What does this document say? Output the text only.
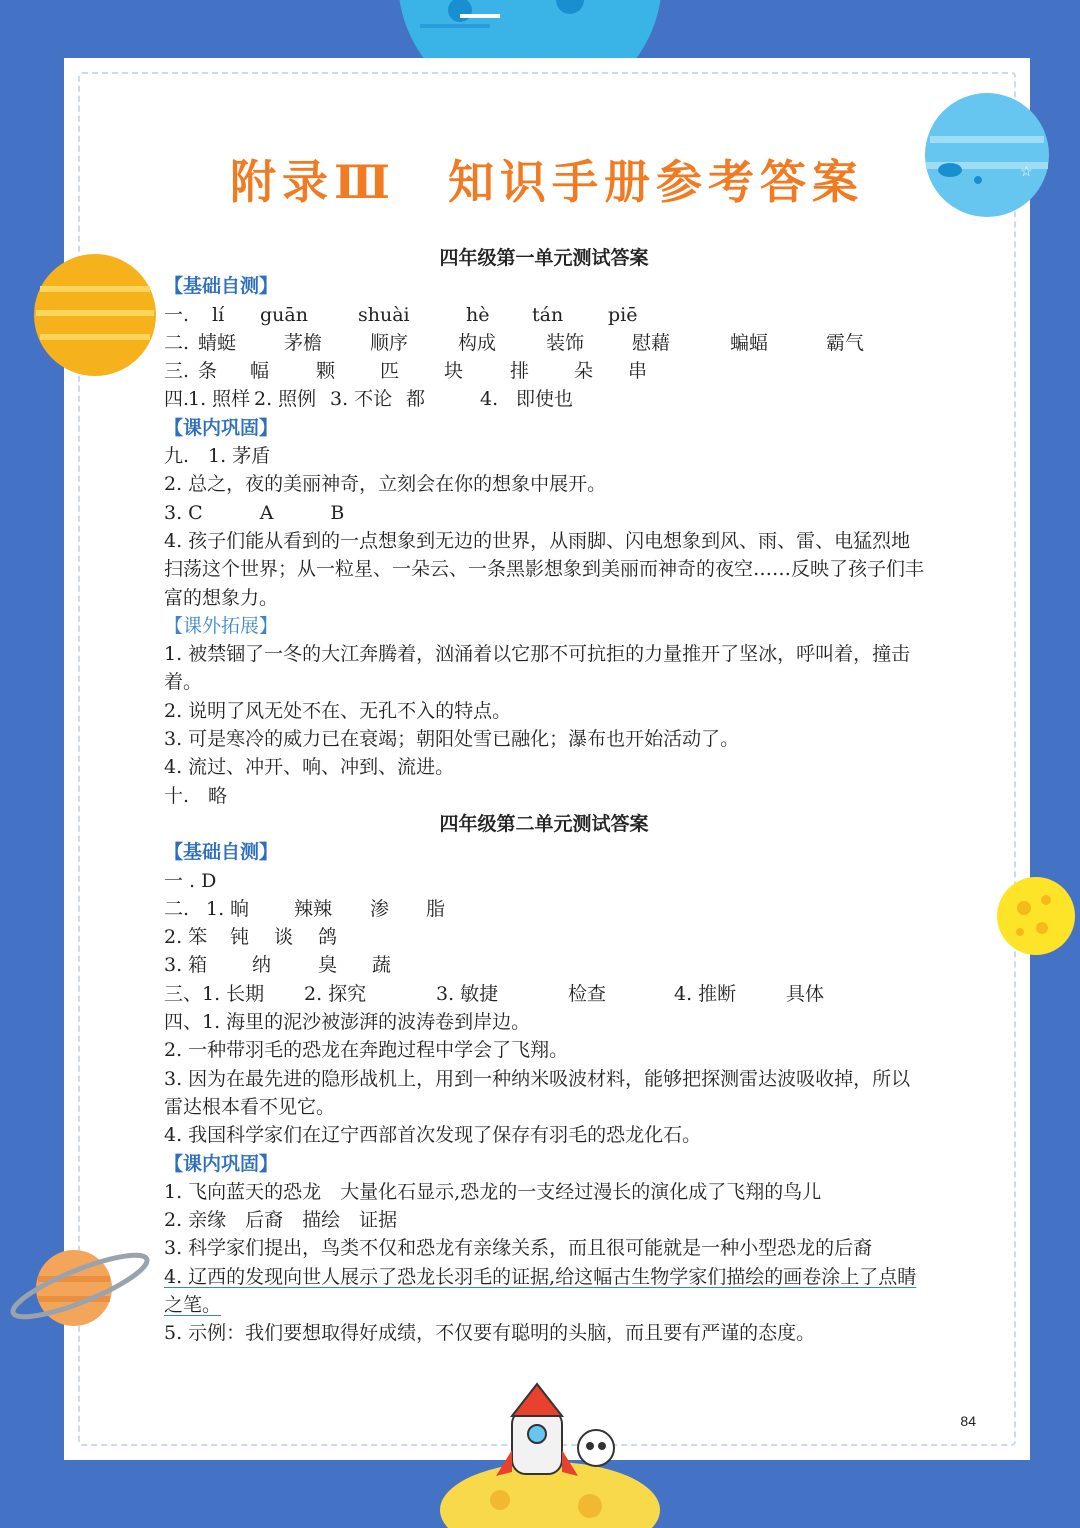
附录Ⅲ　知识手册参考答案
四年级第一单元测试答案
【基础自测】
一. lí guān	shuài	hè tán piē
二. 蜻蜓	茅檐	顺序	构成	装饰	慰藉	蝙蝠	霸气
三. 条 幅 颗 匹 块 排 朵 串
四.1. 照样 2. 照例 3. 不论 都	4. 即使也
【课内巩固】
九.　1. 茅盾
2. 总之，夜的美丽神奇，立刻会在你的想象中展开。
3. C　　　A　　　B
4. 孩子们能从看到的一点想象到无边的世界，从雨脚、闪电想象到风、雨、雷、电猛烈地扫荡这个世界；从一粒星、一朵云、一条黑影想象到美丽而神奇的夜空……反映了孩子们丰富的想象力。
【课外拓展】
1. 被禁锢了一冬的大江奔腾着，汹涌着以它那不可抗拒的力量推开了坚冰，呼叫着，撞击着。
2. 说明了风无处不在、无孔不入的特点。
3. 可是寒冷的威力已在衰竭；朝阳处雪已融化；瀑布也开始活动了。
4. 流过、冲开、响、冲到、流进。
十.　略
四年级第二单元测试答案
【基础自测】
一 . D
二. 1. 晌 辣辣 渗 脂
2. 笨 钝 谈 鸽
3. 箱 纳 臭 蔬
三、1. 长期 2. 探究	3. 敏捷	检查	4. 推断	具体
四、1. 海里的泥沙被澎湃的波涛卷到岸边。
2. 一种带羽毛的恐龙在奔跑过程中学会了飞翔。
3. 因为在最先进的隐形战机上，用到一种纳米吸波材料，能够把探测雷达波吸收掉，所以雷达根本看不见它。
4. 我国科学家们在辽宁西部首次发现了保存有羽毛的恐龙化石。
【课内巩固】
1. 飞向蓝天的恐龙　大量化石显示,恐龙的一支经过漫长的演化成了飞翔的鸟儿
2. 亲缘　后裔　描绘　证据
3. 科学家们提出，鸟类不仅和恐龙有亲缘关系，而且很可能就是一种小型恐龙的后裔
4. 辽西的发现向世人展示了恐龙长羽毛的证据,给这幅古生物学家们描绘的画卷涂上了点睛之笔。
5. 示例：我们要想取得好成绩，不仅要有聪明的头脑，而且要有严谨的态度。
84
☆
